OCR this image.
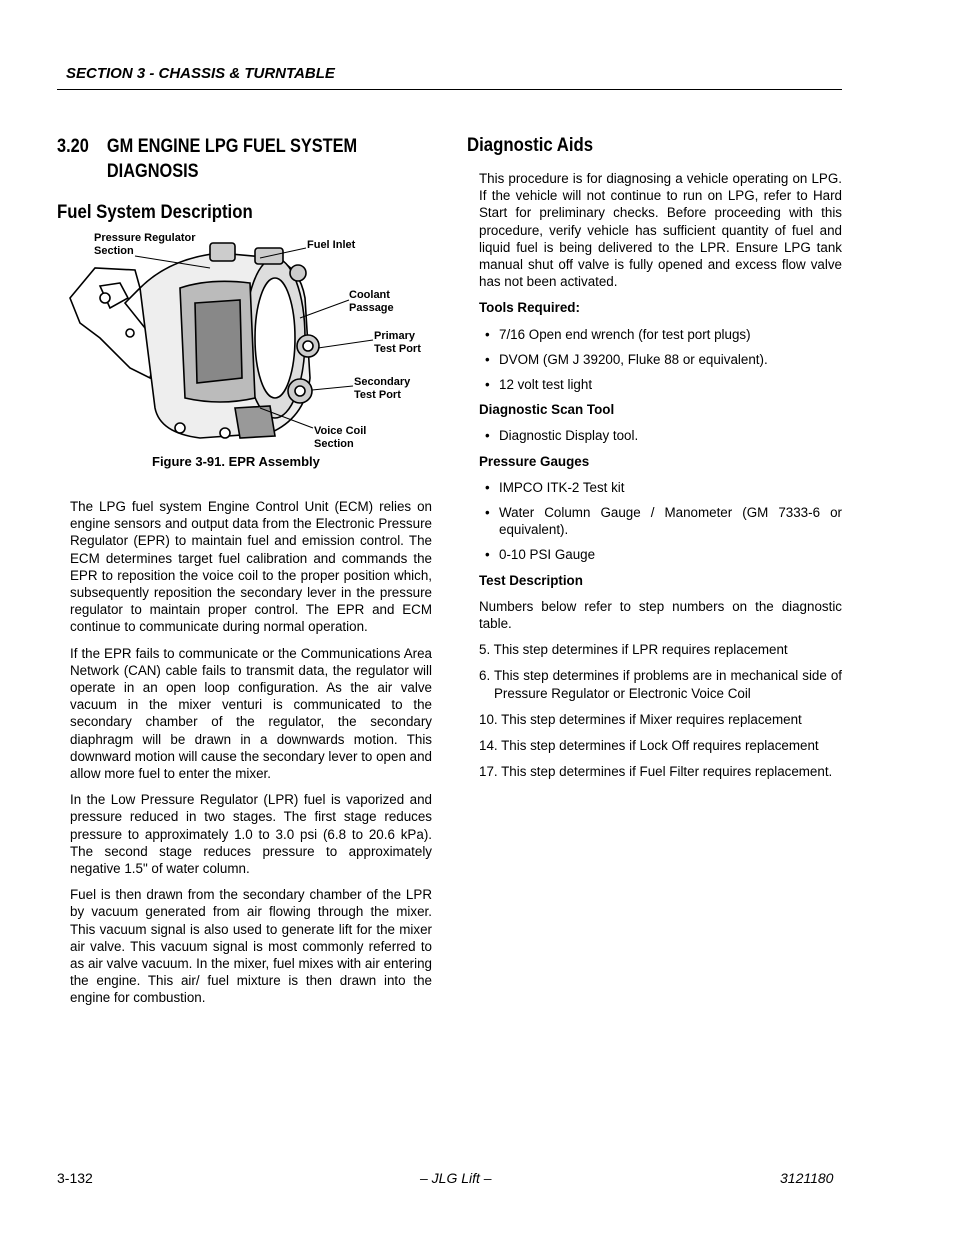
SECTION 3 - CHASSIS & TURNTABLE
3.20 GM ENGINE LPG FUEL SYSTEM
DIAGNOSIS
Fuel System Description
Pressure Regulator
Section	Fuel Inlet
Coolant
Passage
Primary
Test Port
Secondary
Test Port
Voice Coil
Section
Figure 3-91. EPR Assembly

The LPG fuel system Engine Control Unit (ECM) relies on engine sensors and output data from the Electronic Pressure Regulator (EPR) to maintain fuel and emission control. The ECM determines target fuel calibration and commands the EPR to reposition the voice coil to the proper position which, subsequently reposition the secondary lever in the pressure regulator to maintain proper control. The EPR and ECM continue to communicate during normal operation.

If the EPR fails to communicate or the Communications Area Network (CAN) cable fails to transmit data, the regulator will operate in an open loop configuration. As the air valve vacuum in the mixer venturi is communicated to the secondary chamber of the regulator, the secondary diaphragm will be drawn in a downwards motion. This downward motion will cause the secondary lever to open and allow more fuel to enter the mixer.

In the Low Pressure Regulator (LPR) fuel is vaporized and pressure reduced in two stages. The first stage reduces pressure to approximately 1.0 to 3.0 psi (6.8 to 20.6 kPa). The second stage reduces pressure to approximately negative 1.5" of water column.

Fuel is then drawn from the secondary chamber of the LPR by vacuum generated from air flowing through the mixer. This vacuum signal is also used to generate lift for the mixer air valve. This vacuum signal is most commonly referred to as air valve vacuum. In the mixer, fuel mixes with air entering the engine. This air/ fuel mixture is then drawn into the engine for combustion.

Diagnostic Aids

This procedure is for diagnosing a vehicle operating on LPG. If the vehicle will not continue to run on LPG, refer to Hard Start for preliminary checks. Before proceeding with this procedure, verify vehicle has sufficient quantity of fuel and liquid fuel is being delivered to the LPR. Ensure LPG tank manual shut off valve is fully opened and excess flow valve has not been activated.

Tools Required:
• 7/16 Open end wrench (for test port plugs)
• DVOM (GM J 39200, Fluke 88 or equivalent).
• 12 volt test light
Diagnostic Scan Tool
• Diagnostic Display tool.
Pressure Gauges
• IMPCO ITK-2 Test kit
• Water Column Gauge / Manometer (GM 7333-6 or equivalent).
• 0-10 PSI Gauge
Test Description

Numbers below refer to step numbers on the diagnostic table.

5. This step determines if LPR requires replacement
6. This step determines if problems are in mechanical side of Pressure Regulator or Electronic Voice Coil
10. This step determines if Mixer requires replacement
14. This step determines if Lock Off requires replacement
17. This step determines if Fuel Filter requires replacement.
3-132	– JLG Lift –	3121180
